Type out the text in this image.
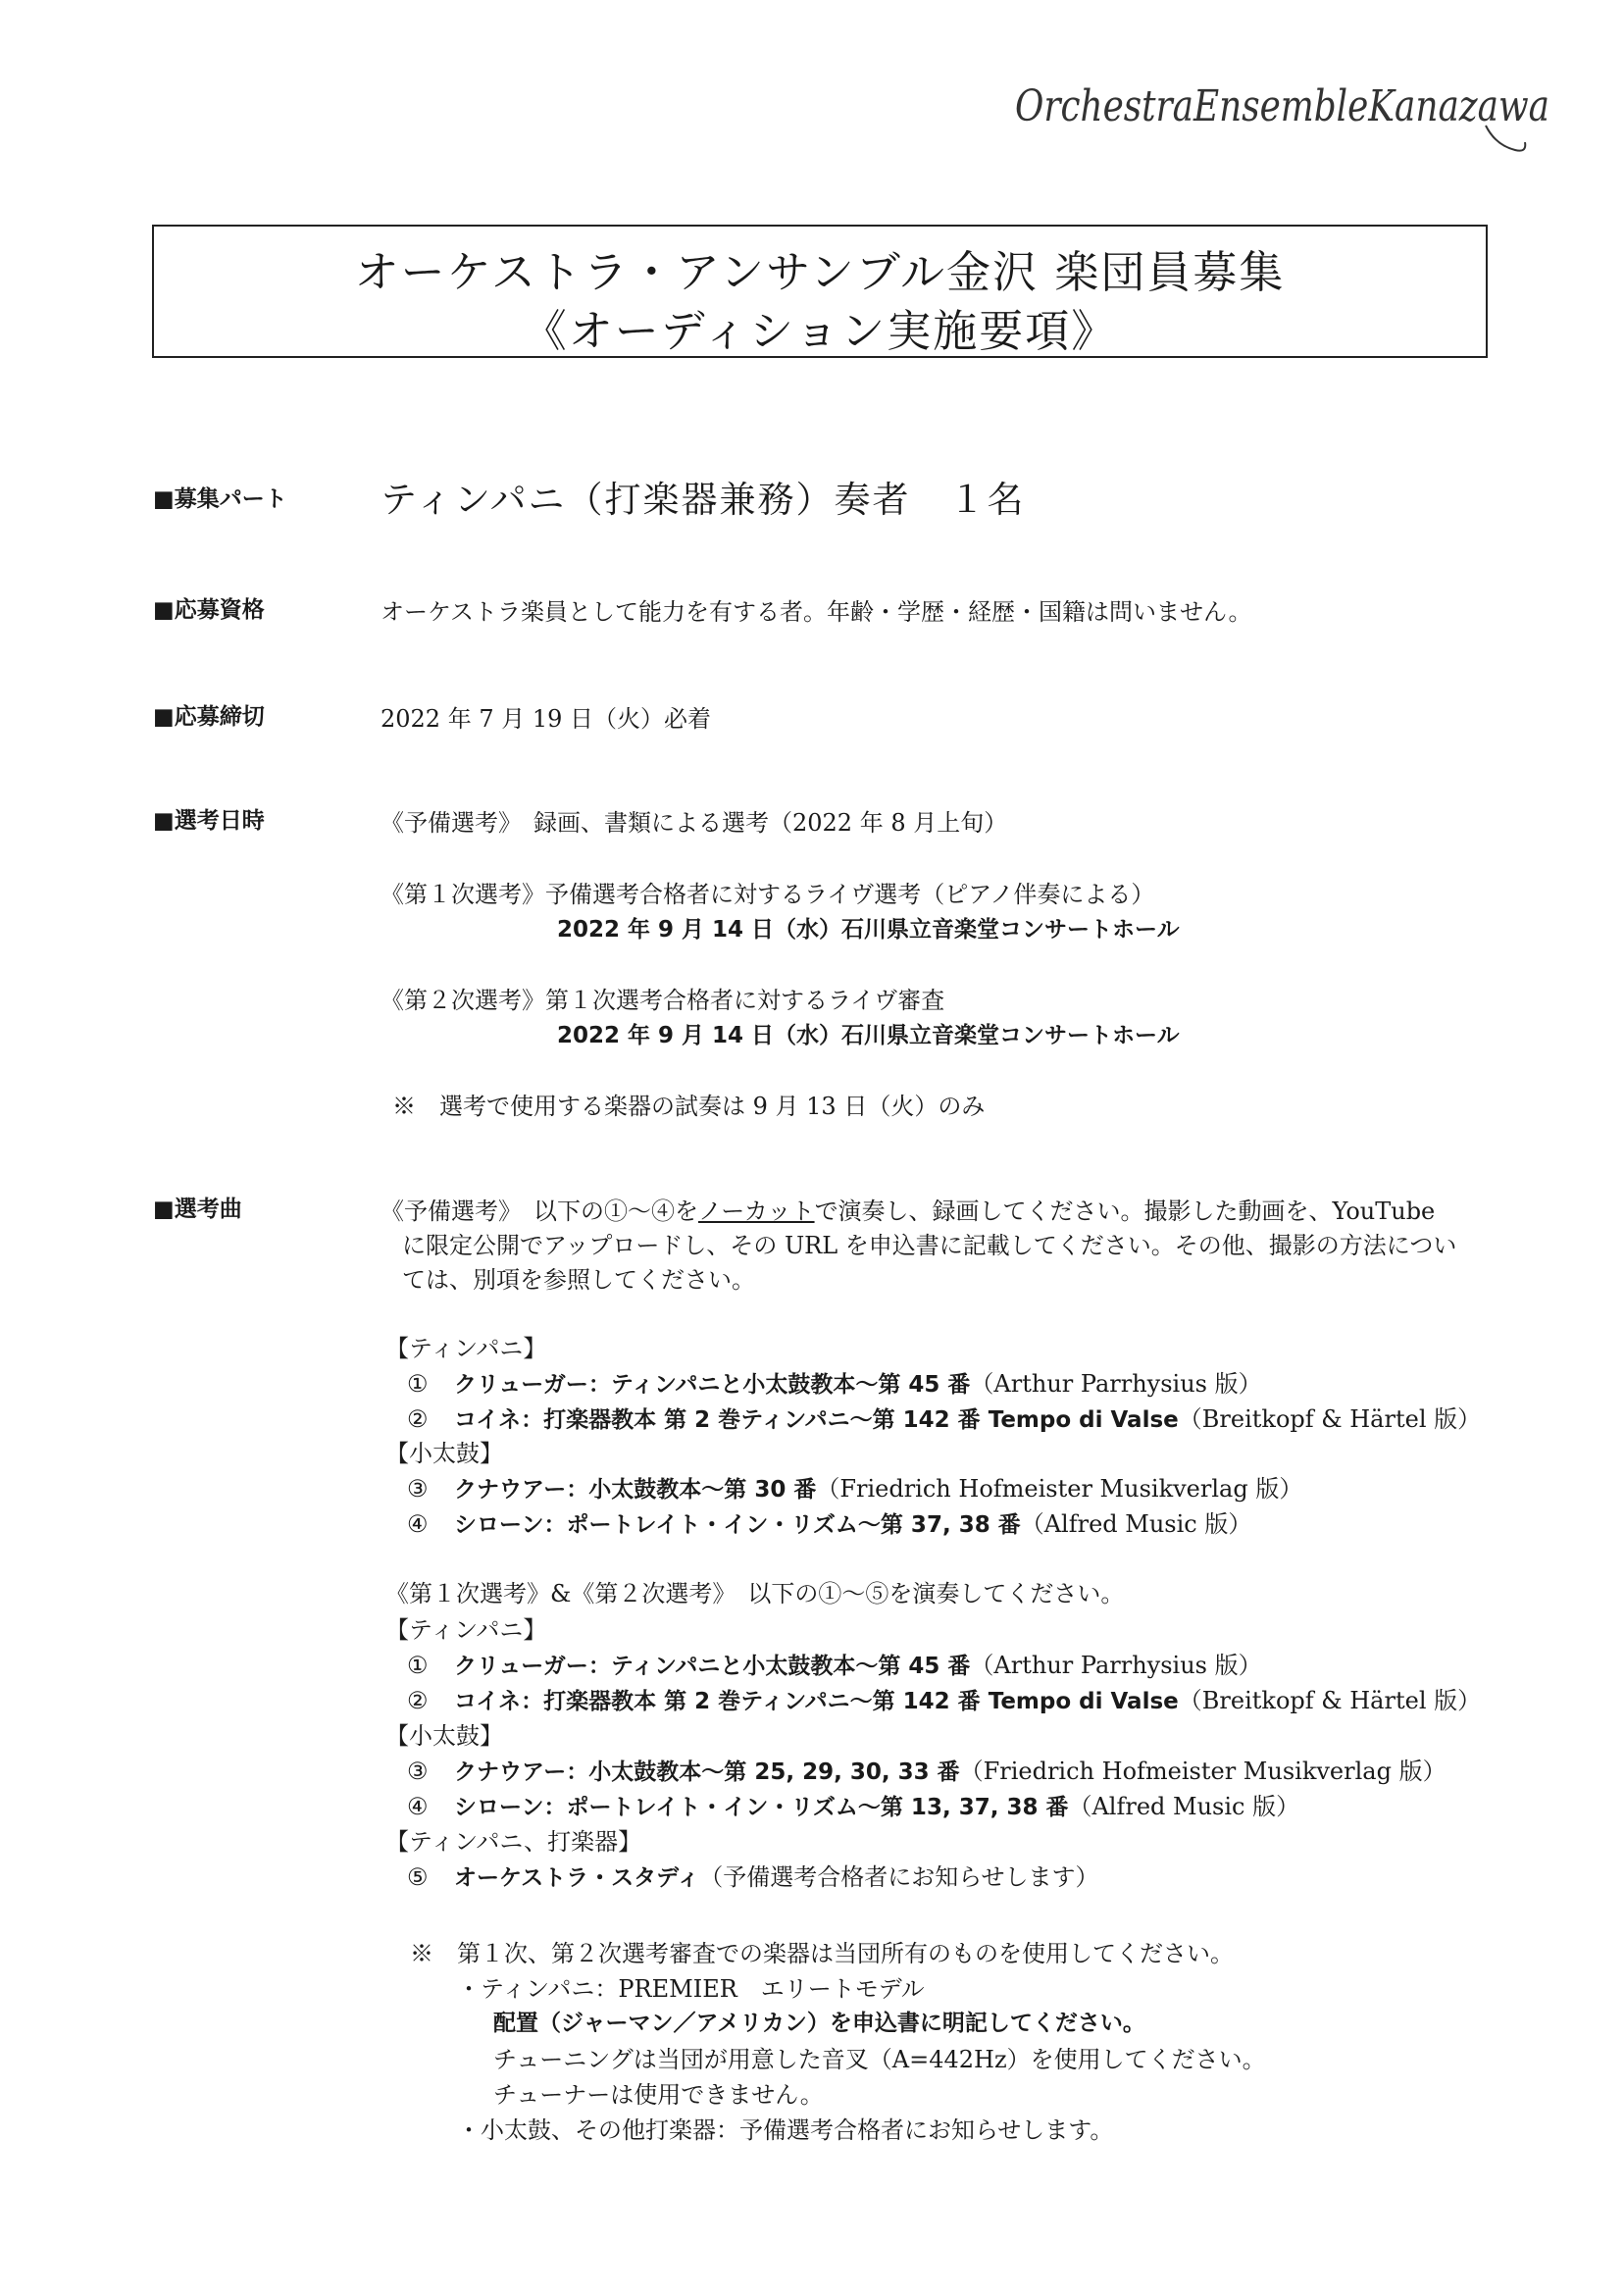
OrchestraEnsembleKanazawa
オーケストラ・アンサンブル金沢 楽団員募集
《オーディション実施要項》
■募集パート	ティンパニ（打楽器兼務）奏者　１名
■応募資格	オーケストラ楽員として能力を有する者。年齢・学歴・経歴・国籍は問いません。
■応募締切	2022 年 7 月 19 日（火）必着
■選考日時	《予備選考》　録画、書類による選考（2022 年 8 月上旬）
《第１次選考》予備選考合格者に対するライヴ選考（ピアノ伴奏による）
2022 年 9 月 14 日（水）石川県立音楽堂コンサートホール
《第２次選考》第１次選考合格者に対するライヴ審査
2022 年 9 月 14 日（水）石川県立音楽堂コンサートホール
※　選考で使用する楽器の試奏は 9 月 13 日（火）のみ
■選考曲	《予備選考》　以下の①～④をノーカットで演奏し、録画してください。撮影した動画を、YouTube
に限定公開でアップロードし、その URL を申込書に記載してください。その他、撮影の方法につい
ては、別項を参照してください。
【ティンパニ】
① クリューガー：ティンパニと小太鼓教本～第 45 番（Arthur Parrhysius 版）
② コイネ：打楽器教本 第 2 巻ティンパニ～第 142 番 Tempo di Valse（Breitkopf & Härtel 版）
【小太鼓】
③ クナウアー：小太鼓教本～第 30 番（Friedrich Hofmeister Musikverlag 版）
④ シローン：ポートレイト・イン・リズム～第 37, 38 番（Alfred Music 版）
《第１次選考》&《第２次選考》　以下の①～⑤を演奏してください。
【ティンパニ】
① クリューガー：ティンパニと小太鼓教本～第 45 番（Arthur Parrhysius 版）
② コイネ：打楽器教本 第 2 巻ティンパニ～第 142 番 Tempo di Valse（Breitkopf & Härtel 版）
【小太鼓】
③ クナウアー：小太鼓教本～第 25, 29, 30, 33 番（Friedrich Hofmeister Musikverlag 版）
④ シローン：ポートレイト・イン・リズム～第 13, 37, 38 番（Alfred Music 版）
【ティンパニ、打楽器】
⑤ オーケストラ・スタディ（予備選考合格者にお知らせします）
※　第１次、第２次選考審査での楽器は当団所有のものを使用してください。
・ティンパニ：PREMIER　エリートモデル
配置（ジャーマン／アメリカン）を申込書に明記してください。
チューニングは当団が用意した音叉（A=442Hz）を使用してください。
チューナーは使用できません。
・小太鼓、その他打楽器：予備選考合格者にお知らせします。
